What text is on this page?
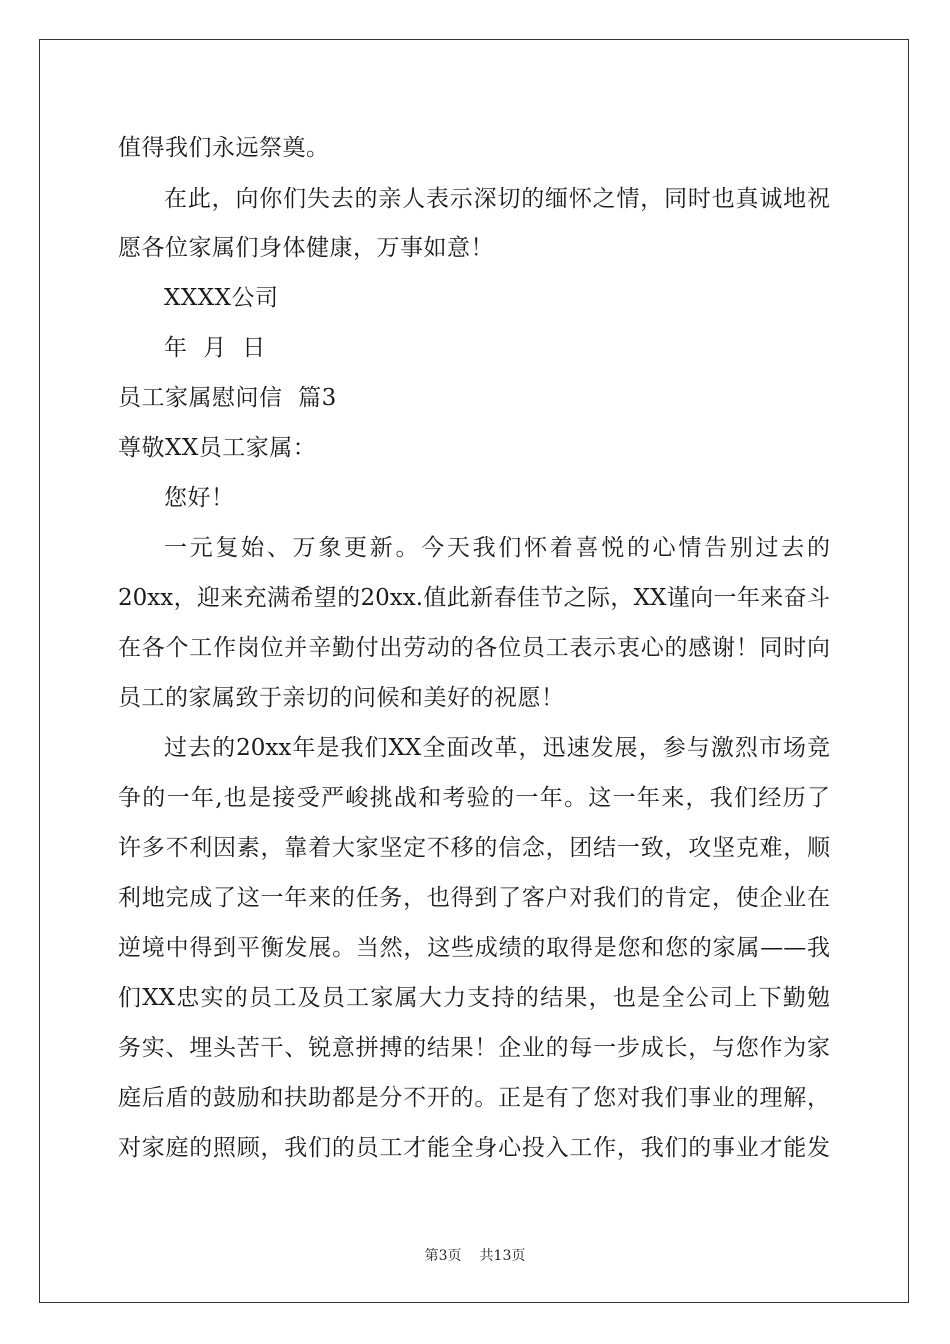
值得我们永远祭奠。
在此，向你们失去的亲人表示深切的缅怀之情，同时也真诚地祝
愿各位家属们身体健康，万事如意！
XXXX公司
年  月  日
员工家属慰问信  篇3
尊敬XX员工家属：
您好！
一元复始、万象更新。今天我们怀着喜悦的心情告别过去的
20xx，迎来充满希望的20xx.值此新春佳节之际，XX谨向一年来奋斗
在各个工作岗位并辛勤付出劳动的各位员工表示衷心的感谢！同时向
员工的家属致于亲切的问候和美好的祝愿！
过去的20xx年是我们XX全面改革，迅速发展，参与激烈市场竞
争的一年,也是接受严峻挑战和考验的一年。这一年来，我们经历了
许多不利因素，靠着大家坚定不移的信念，团结一致，攻坚克难，顺
利地完成了这一年来的任务，也得到了客户对我们的肯定，使企业在
逆境中得到平衡发展。当然，这些成绩的取得是您和您的家属——我
们XX忠实的员工及员工家属大力支持的结果，也是全公司上下勤勉
务实、埋头苦干、锐意拼搏的结果！企业的每一步成长，与您作为家
庭后盾的鼓励和扶助都是分不开的。正是有了您对我们事业的理解，
对家庭的照顾，我们的员工才能全身心投入工作，我们的事业才能发
第3页 共13页
